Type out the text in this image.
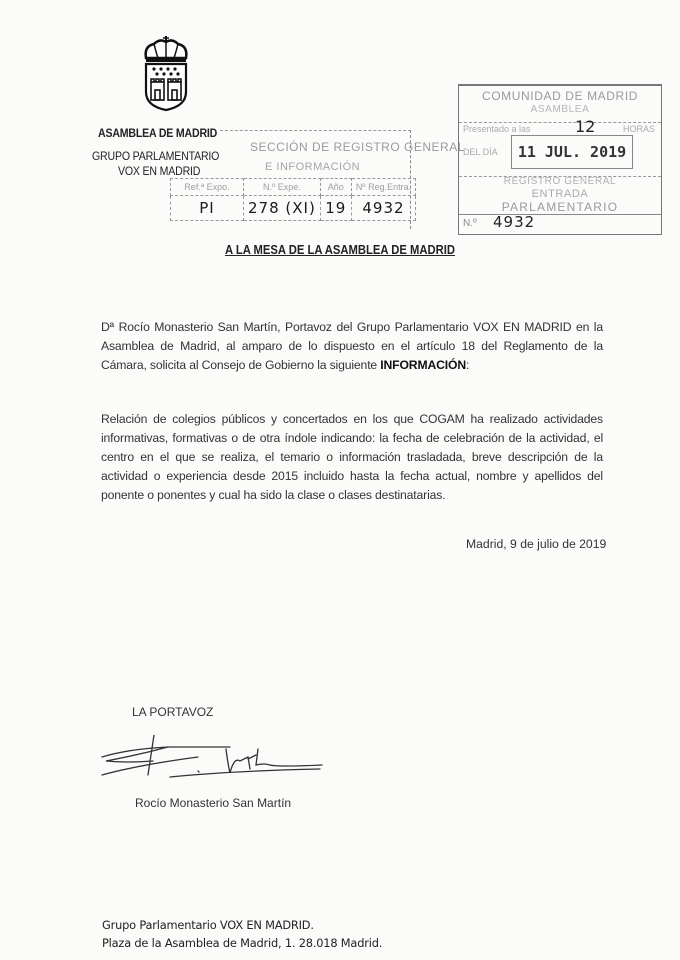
ASAMBLEA DE MADRID
GRUPO PARLAMENTARIO
VOX EN MADRID
SECCIÓN DE REGISTRO GENERAL
E INFORMACIÓN
Ref.ª Expo.	N.º Expe.	Año	Nº Reg.Entra.
PI	278 (XI)	19	4932
COMUNIDAD DE MADRID
ASAMBLEA
Presentado a las	12	HORAS
DEL DÍA	11 JUL. 2019
REGISTRO GENERAL
ENTRADA
PARLAMENTARIO
N.º 4932
A LA MESA DE LA ASAMBLEA DE MADRID
Dª Rocío Monasterio San Martín, Portavoz del Grupo Parlamentario VOX EN MADRID en la Asamblea de Madrid, al amparo de lo dispuesto en el artículo 18 del Reglamento de la Cámara, solicita al Consejo de Gobierno la siguiente INFORMACIÓN:
Relación de colegios públicos y concertados en los que COGAM ha realizado actividades informativas, formativas o de otra índole indicando: la fecha de celebración de la actividad, el centro en el que se realiza, el temario o información trasladada, breve descripción de la actividad o experiencia desde 2015 incluido hasta la fecha actual, nombre y apellidos del ponente o ponentes y cual ha sido la clase o clases destinatarias.
Madrid, 9 de julio de 2019
LA PORTAVOZ
Rocío Monasterio San Martín
Grupo Parlamentario VOX EN MADRID.
Plaza de la Asamblea de Madrid, 1. 28.018 Madrid.
